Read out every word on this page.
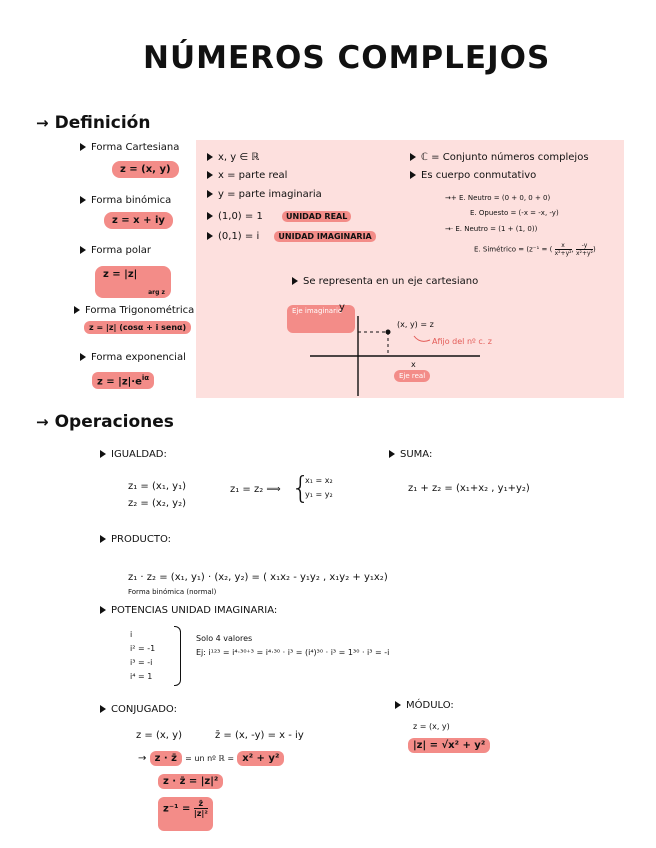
NÚMEROS COMPLEJOS
→ Definición
Forma Cartesiana
z = (x, y)
Forma binómica
z = x + iy
Forma polar
z = |z|
arg z
Forma Trigonométrica
z = |z| (cosα + i senα)
Forma exponencial
$z = |z|\cdot e^{i\alpha}$
x, y ∈ ℝ
x = parte real
y = parte imaginaria
(1,0) = 1	UNIDAD REAL
(0,1) = i UNIDAD IMAGINARIA
ℂ = Conjunto números complejos
Es cuerpo conmutativo
→+ E. Neutro = (0 + 0, 0 + 0)
E. Opuesto = (-x = -x, -y)
→· E. Neutro = (1 + (1, 0))
E. Simétrico = (z⁻¹ = ( $\frac{x}{\text{x²+y²}}$ , $\frac{-y}{\text{x²+y²}}$ )
Se representa en un eje cartesiano
Eje imaginario
y
(x, y) = z
Afijo del nº c. z
x
Eje real
→ Operaciones
IGUALDAD:
z₁ = (x₁, y₁)
z₂ = (x₂, y₂)
z₁ = z₂ ⟹ {
x₁ = x₂
y₁ = y₂
SUMA:
z₁ + z₂ = (x₁+x₂ , y₁+y₂)
PRODUCTO:
z₁ · z₂ = (x₁, y₁) · (x₂, y₂) = ( x₁x₂ - y₁y₂ , x₁y₂ + y₁x₂)
Forma binómica (normal)
POTENCIAS UNIDAD IMAGINARIA:
i
i² = -1
i³ = -i
i⁴ = 1
Solo 4 valores
Ej: i¹²³ = i⁴·³⁰⁺³ = i⁴·³⁰ · i³ = (i⁴)³⁰ · i³ = 1³⁰ · i³ = -i
CONJUGADO:
z = (x, y)	z̄ = (x, -y) = x - iy
→ z · z̄ = un nº ℝ = x² + y²
z · z̄ = |z|²
$z^{-1} = \frac{z̄}{\text{|z|²}}$
MÓDULO:
z = (x, y)
|z| = √x² + y²
